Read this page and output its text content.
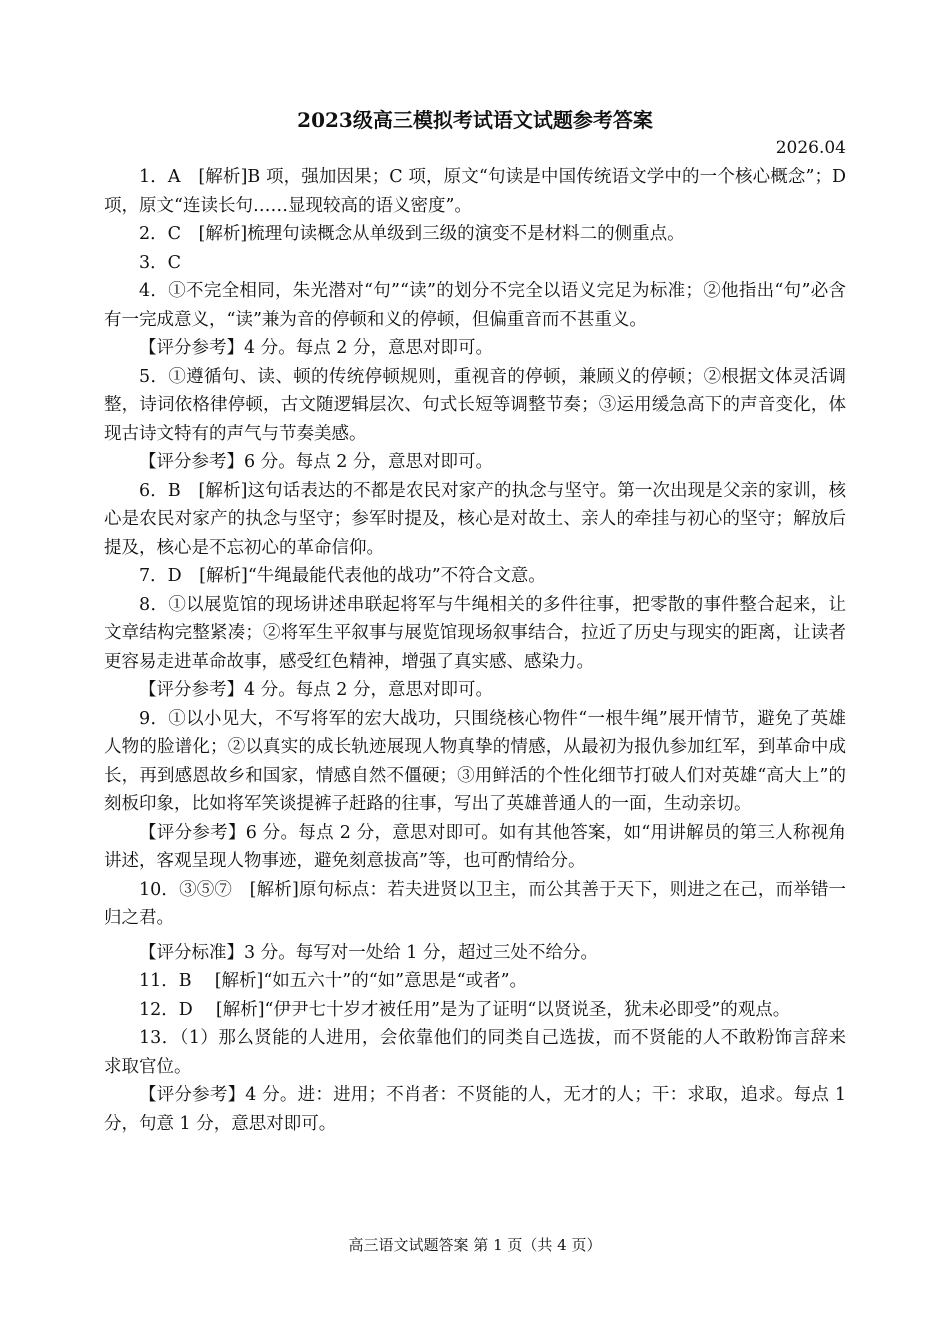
2023级高三模拟考试语文试题参考答案
2026.04

1．A　[解析]B 项，强加因果；C 项，原文“句读是中国传统语文学中的一个核心概念”；D 项，原文“连读长句……显现较高的语义密度”。

2．C　[解析]梳理句读概念从单级到三级的演变不是材料二的侧重点。

3．C

4．①不完全相同，朱光潜对“句”“读”的划分不完全以语义完足为标准；②他指出“句”必含有一完成意义，“读”兼为音的停顿和义的停顿，但偏重音而不甚重义。

【评分参考】4 分。每点 2 分，意思对即可。

5．①遵循句、读、顿的传统停顿规则，重视音的停顿，兼顾义的停顿；②根据文体灵活调整，诗词依格律停顿，古文随逻辑层次、句式长短等调整节奏；③运用缓急高下的声音变化，体现古诗文特有的声气与节奏美感。

【评分参考】6 分。每点 2 分，意思对即可。

6．B　[解析]这句话表达的不都是农民对家产的执念与坚守。第一次出现是父亲的家训，核心是农民对家产的执念与坚守；参军时提及，核心是对故土、亲人的牵挂与初心的坚守；解放后提及，核心是不忘初心的革命信仰。

7．D　[解析]“牛绳最能代表他的战功”不符合文意。

8．①以展览馆的现场讲述串联起将军与牛绳相关的多件往事，把零散的事件整合起来，让文章结构完整紧凑；②将军生平叙事与展览馆现场叙事结合，拉近了历史与现实的距离，让读者更容易走进革命故事，感受红色精神，增强了真实感、感染力。

【评分参考】4 分。每点 2 分，意思对即可。

9．①以小见大，不写将军的宏大战功，只围绕核心物件“一根牛绳”展开情节，避免了英雄人物的脸谱化；②以真实的成长轨迹展现人物真挚的情感，从最初为报仇参加红军，到革命中成长，再到感恩故乡和国家，情感自然不僵硬；③用鲜活的个性化细节打破人们对英雄“高大上”的刻板印象，比如将军笑谈提裤子赶路的往事，写出了英雄普通人的一面，生动亲切。

【评分参考】6 分。每点 2 分，意思对即可。如有其他答案，如“用讲解员的第三人称视角讲述，客观呈现人物事迹，避免刻意拔高”等，也可酌情给分。

10．③⑤⑦　[解析]原句标点：若夫进贤以卫主，而公其善于天下，则进之在己，而举错一归之君。

【评分标准】3 分。每写对一处给 1 分，超过三处不给分。

11．B　 [解析]“如五六十”的“如”意思是“或者”。

12．D　 [解析]“伊尹七十岁才被任用”是为了证明“以贤说圣，犹未必即受”的观点。

13．（1）那么贤能的人进用，会依靠他们的同类自己选拔，而不贤能的人不敢粉饰言辞来求取官位。

【评分参考】4 分。进：进用；不肖者：不贤能的人，无才的人；干：求取，追求。每点 1 分，句意 1 分，意思对即可。

高三语文试题答案 第 1 页（共 4 页）
